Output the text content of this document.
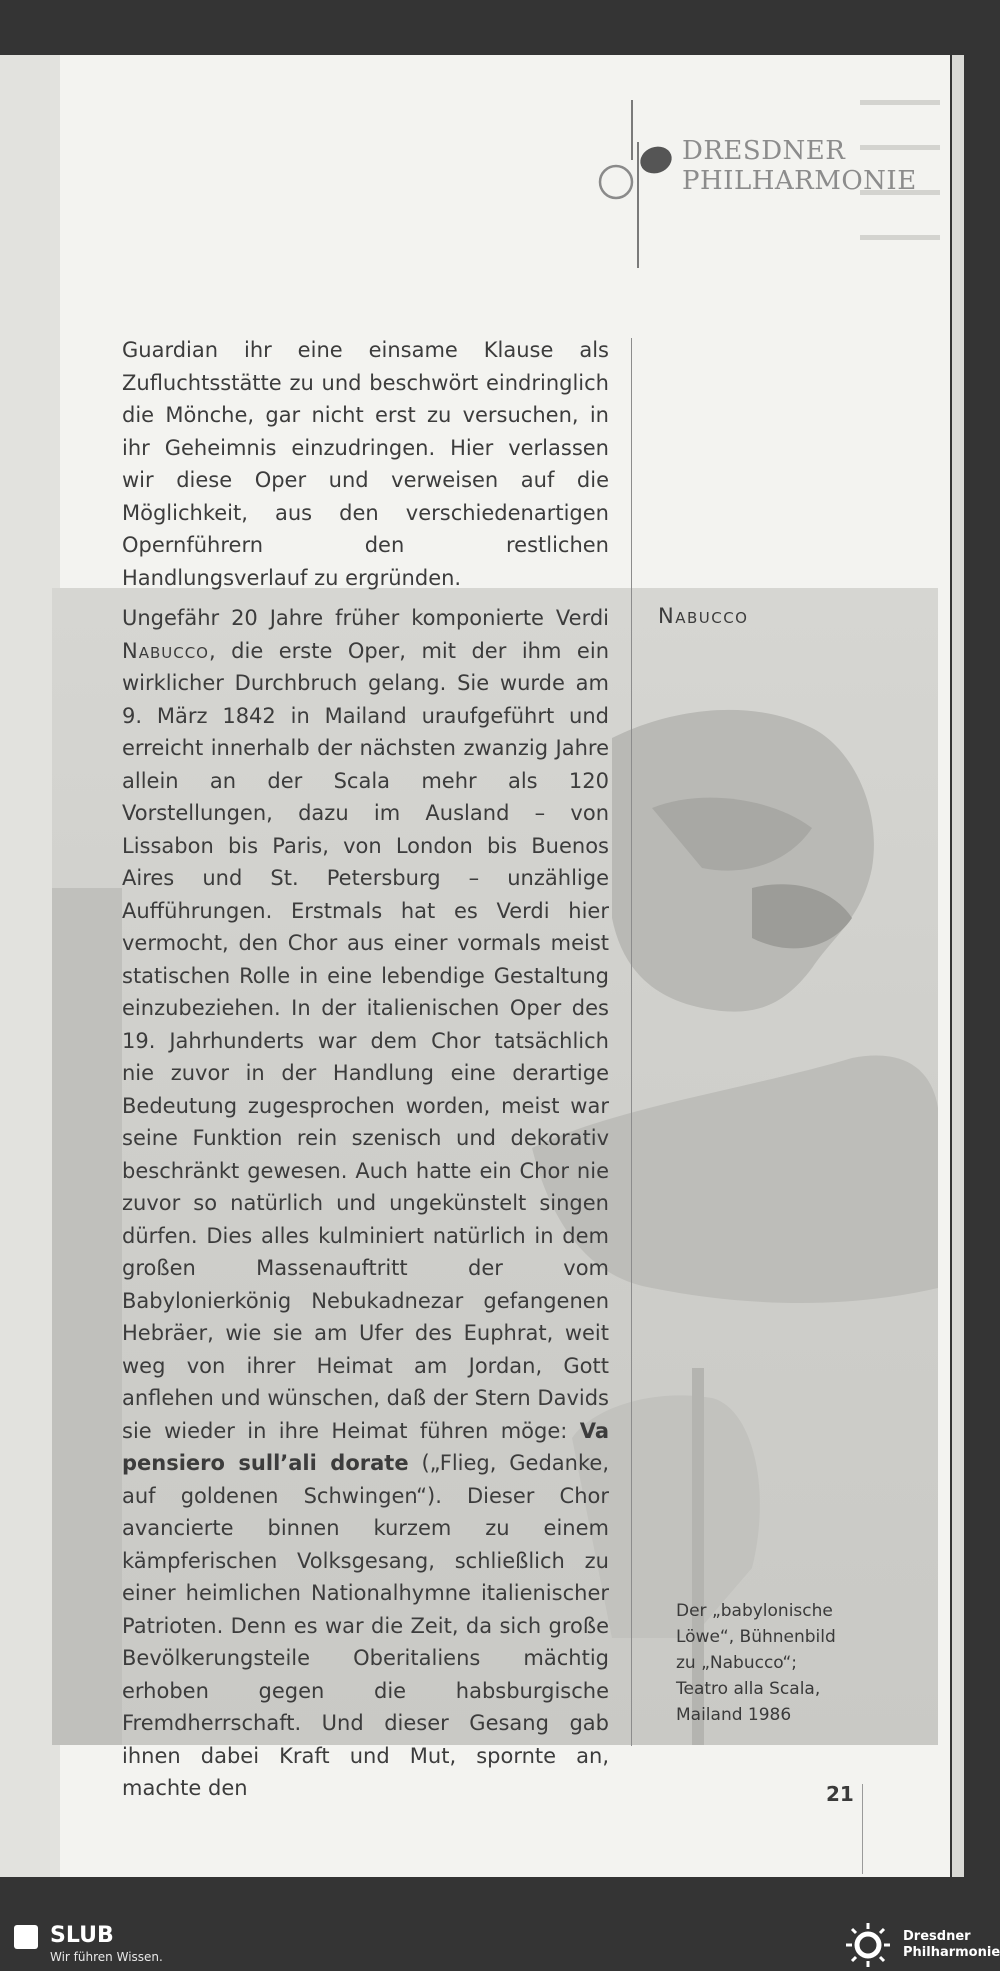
DRESDNER
PHILHARMONIE

Guardian ihr eine einsame Klause als Zufluchtsstätte zu und beschwört eindringlich die Mönche, gar nicht erst zu versuchen, in ihr Geheimnis einzudringen. Hier verlassen wir diese Oper und verweisen auf die Möglichkeit, aus den verschiedenartigen Opernführern den restlichen Handlungsverlauf zu ergründen.

Ungefähr 20 Jahre früher komponierte Verdi Nabucco, die erste Oper, mit der ihm ein wirklicher Durchbruch gelang. Sie wurde am 9. März 1842 in Mailand uraufgeführt und erreicht innerhalb der nächsten zwanzig Jahre allein an der Scala mehr als 120 Vorstellungen, dazu im Ausland – von Lissabon bis Paris, von London bis Buenos Aires und St. Petersburg – unzählige Aufführungen. Erstmals hat es Verdi hier vermocht, den Chor aus einer vormals meist statischen Rolle in eine lebendige Gestaltung einzubeziehen. In der italienischen Oper des 19. Jahrhunderts war dem Chor tatsächlich nie zuvor in der Handlung eine derartige Bedeutung zugesprochen worden, meist war seine Funktion rein szenisch und dekorativ beschränkt gewesen. Auch hatte ein Chor nie zuvor so natürlich und ungekünstelt singen dürfen. Dies alles kulminiert natürlich in dem großen Massenauftritt der vom Babylonierkönig Nebukadnezar gefangenen Hebräer, wie sie am Ufer des Euphrat, weit weg von ihrer Heimat am Jordan, Gott anflehen und wünschen, daß der Stern Davids sie wieder in ihre Heimat führen möge: Va pensiero sull’ali dorate („Flieg, Gedanke, auf goldenen Schwingen“). Dieser Chor avancierte binnen kurzem zu einem kämpferischen Volksgesang, schließlich zu einer heimlichen Nationalhymne italienischer Patrioten. Denn es war die Zeit, da sich große Bevölkerungsteile Oberitaliens mächtig erhoben gegen die habsburgische Fremdherrschaft. Und dieser Gesang gab ihnen dabei Kraft und Mut, spornte an, machte den

Nabucco
Der „babylonische
Löwe“, Bühnenbild
zu „Nabucco“;
Teatro alla Scala,
Mailand 1986
21
SLUB
Wir führen Wissen.
Dresdner
Philharmonie
